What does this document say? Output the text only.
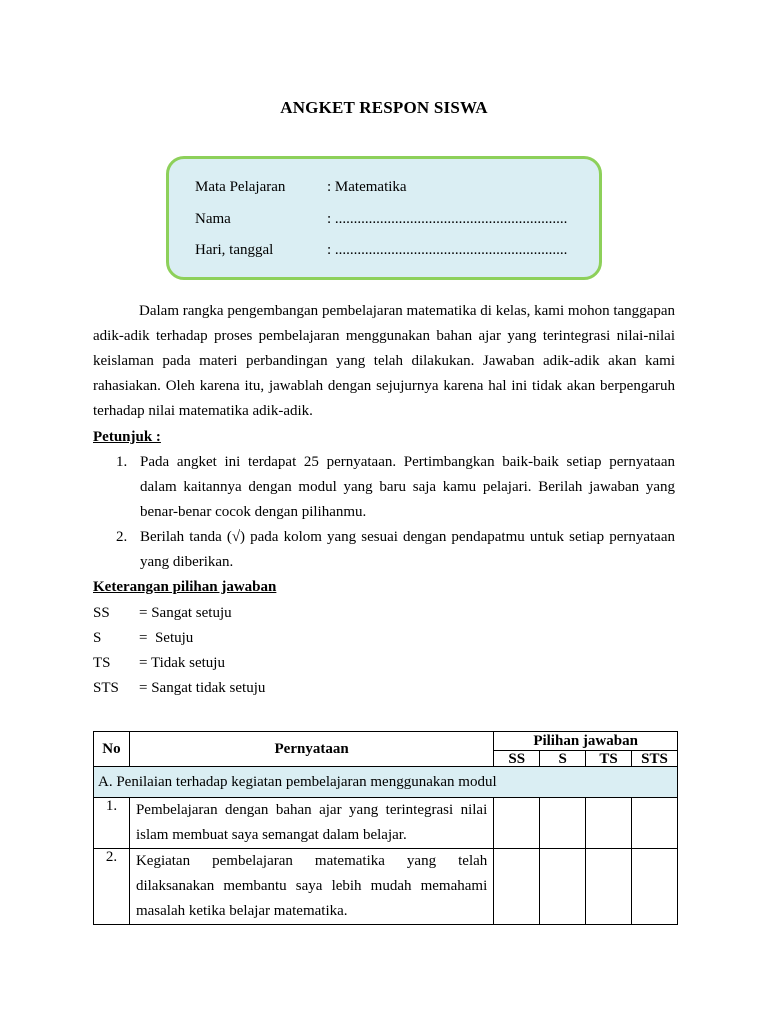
ANGKET RESPON SISWA
Mata Pelajaran	: Matematika
Nama	: ..............................................................
Hari, tanggal	: ..............................................................
Dalam rangka pengembangan pembelajaran matematika di kelas, kami mohon tanggapan adik-adik terhadap proses pembelajaran menggunakan bahan ajar yang terintegrasi nilai-nilai keislaman pada materi perbandingan yang telah dilakukan. Jawaban adik-adik akan kami rahasiakan. Oleh karena itu, jawablah dengan sejujurnya karena hal ini tidak akan berpengaruh terhadap nilai matematika adik-adik.
Petunjuk :
1. Pada angket ini terdapat 25 pernyataan. Pertimbangkan baik-baik setiap pernyataan dalam kaitannya dengan modul yang baru saja kamu pelajari. Berilah jawaban yang benar-benar cocok dengan pilihanmu.
2. Berilah tanda (√) pada kolom yang sesuai dengan pendapatmu untuk setiap pernyataan yang diberikan.
Keterangan pilihan jawaban
SS = Sangat setuju
S	=  Setuju
TS = Tidak setuju
STS = Sangat tidak setuju
No	Pernyataan	Pilihan jawaban			
		SS	S	TS	STS
A. Penilaian terhadap kegiatan pembelajaran menggunakan modul					
1.	Pembelajaran dengan bahan ajar yang terintegrasi nilai islam membuat saya semangat dalam belajar.				
2.	Kegiatan pembelajaran matematika yang telah dilaksanakan membantu saya lebih mudah memahami masalah ketika belajar matematika.				
